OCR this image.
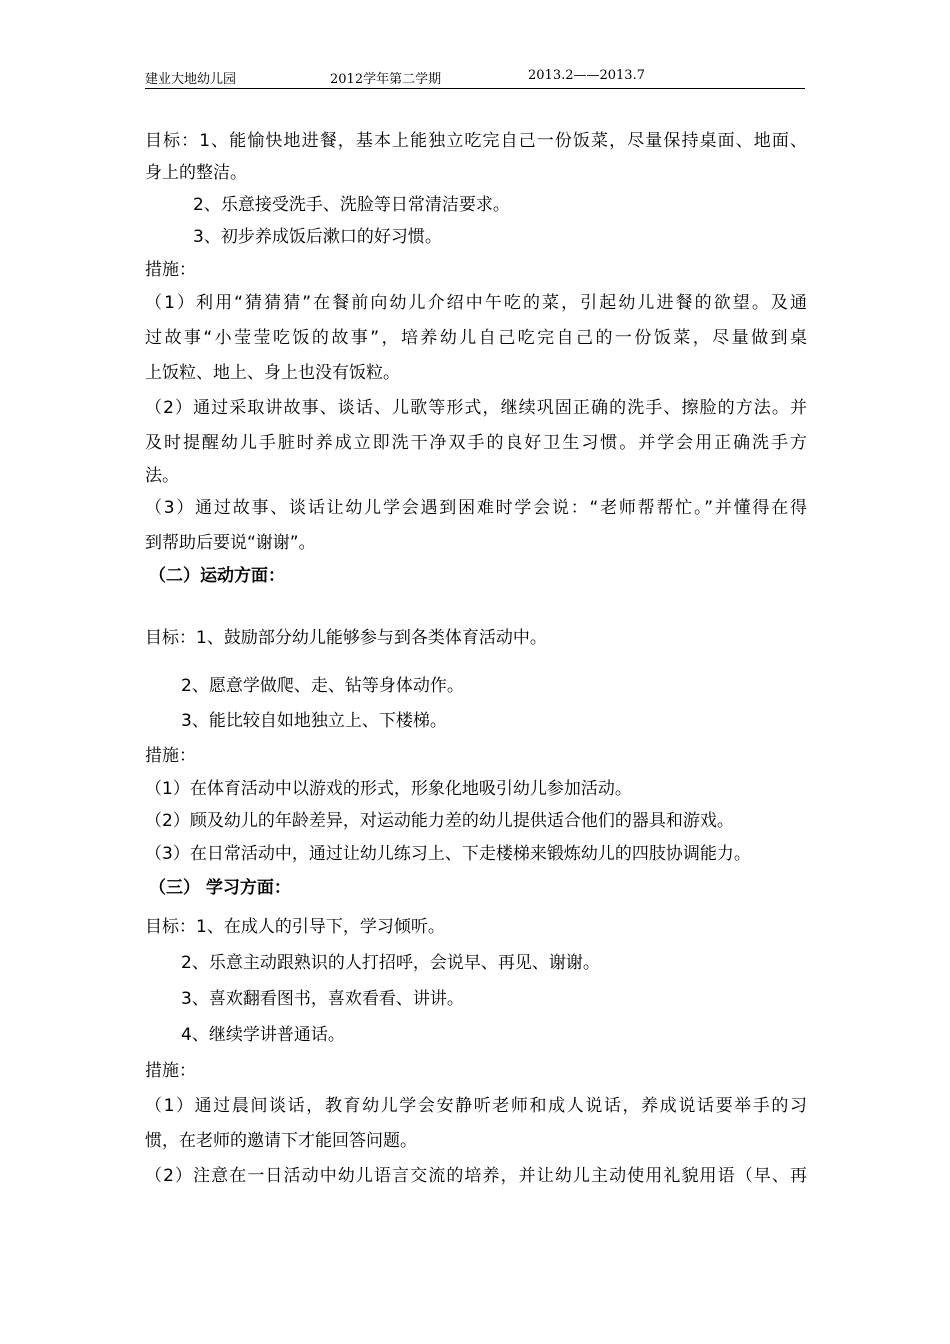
建业大地幼儿园	2012学年第二学期	2013.2——2013.7
目标：1、能愉快地进餐，基本上能独立吃完自己一份饭菜，尽量保持桌面、地面、
身上的整洁。
2、乐意接受洗手、洗脸等日常清洁要求。
3、初步养成饭后漱口的好习惯。
措施：
（1）利用“猜猜猜”在餐前向幼儿介绍中午吃的菜，引起幼儿进餐的欲望。及通
过故事“小莹莹吃饭的故事”，培养幼儿自己吃完自己的一份饭菜，尽量做到桌
上饭粒、地上、身上也没有饭粒。
（2）通过采取讲故事、谈话、儿歌等形式，继续巩固正确的洗手、擦脸的方法。并
及时提醒幼儿手脏时养成立即洗干净双手的良好卫生习惯。并学会用正确洗手方
法。
（3）通过故事、谈话让幼儿学会遇到困难时学会说：“老师帮帮忙。”并懂得在得
到帮助后要说“谢谢”。
（二）运动方面：
目标：1、鼓励部分幼儿能够参与到各类体育活动中。
2、愿意学做爬、走、钻等身体动作。
3、能比较自如地独立上、下楼梯。
措施：
（1）在体育活动中以游戏的形式，形象化地吸引幼儿参加活动。
（2）顾及幼儿的年龄差异，对运动能力差的幼儿提供适合他们的器具和游戏。
（3）在日常活动中，通过让幼儿练习上、下走楼梯来锻炼幼儿的四肢协调能力。
（三） 学习方面：
目标：1、在成人的引导下，学习倾听。
2、乐意主动跟熟识的人打招呼，会说早、再见、谢谢。
3、喜欢翻看图书，喜欢看看、讲讲。
4、继续学讲普通话。
措施：
（1）通过晨间谈话，教育幼儿学会安静听老师和成人说话，养成说话要举手的习
惯，在老师的邀请下才能回答问题。
（2）注意在一日活动中幼儿语言交流的培养，并让幼儿主动使用礼貌用语（早、再
